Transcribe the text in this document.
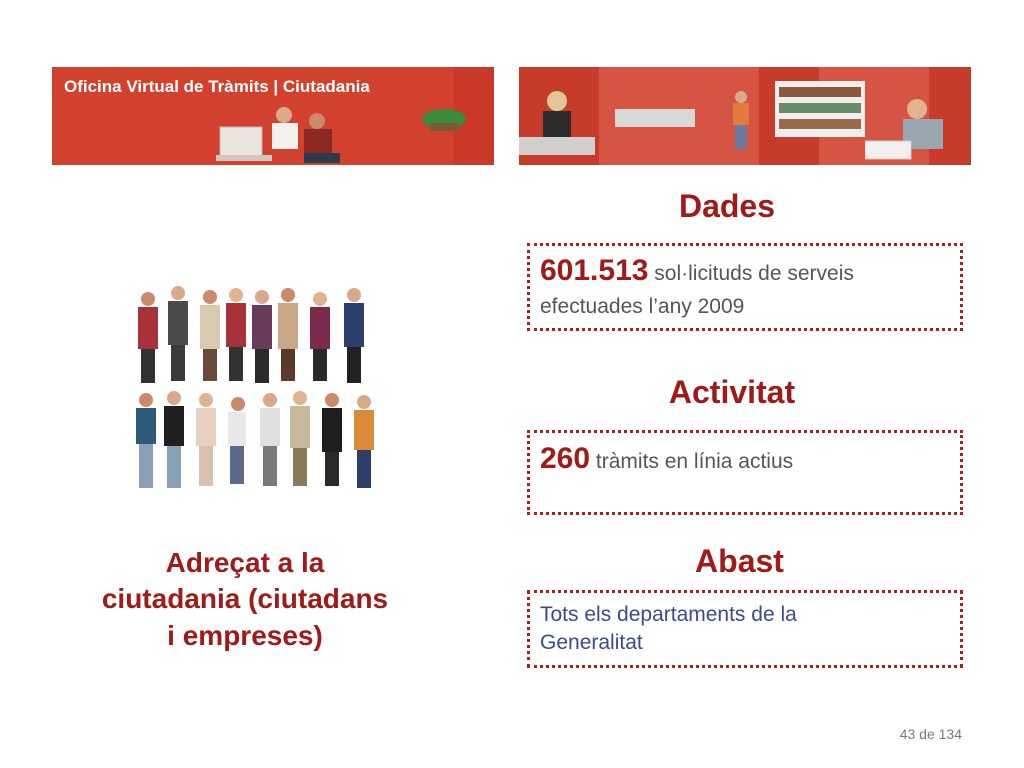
Oficina Virtual de Tràmits | Ciutadania
Adreçat a la
ciutadania (ciutadans
i empreses)
Dades
601.513 sol·licituds de serveis
efectuades l’any 2009
Activitat
260 tràmits en línia actius
Abast
Tots els departaments de la
Generalitat
43 de 134
